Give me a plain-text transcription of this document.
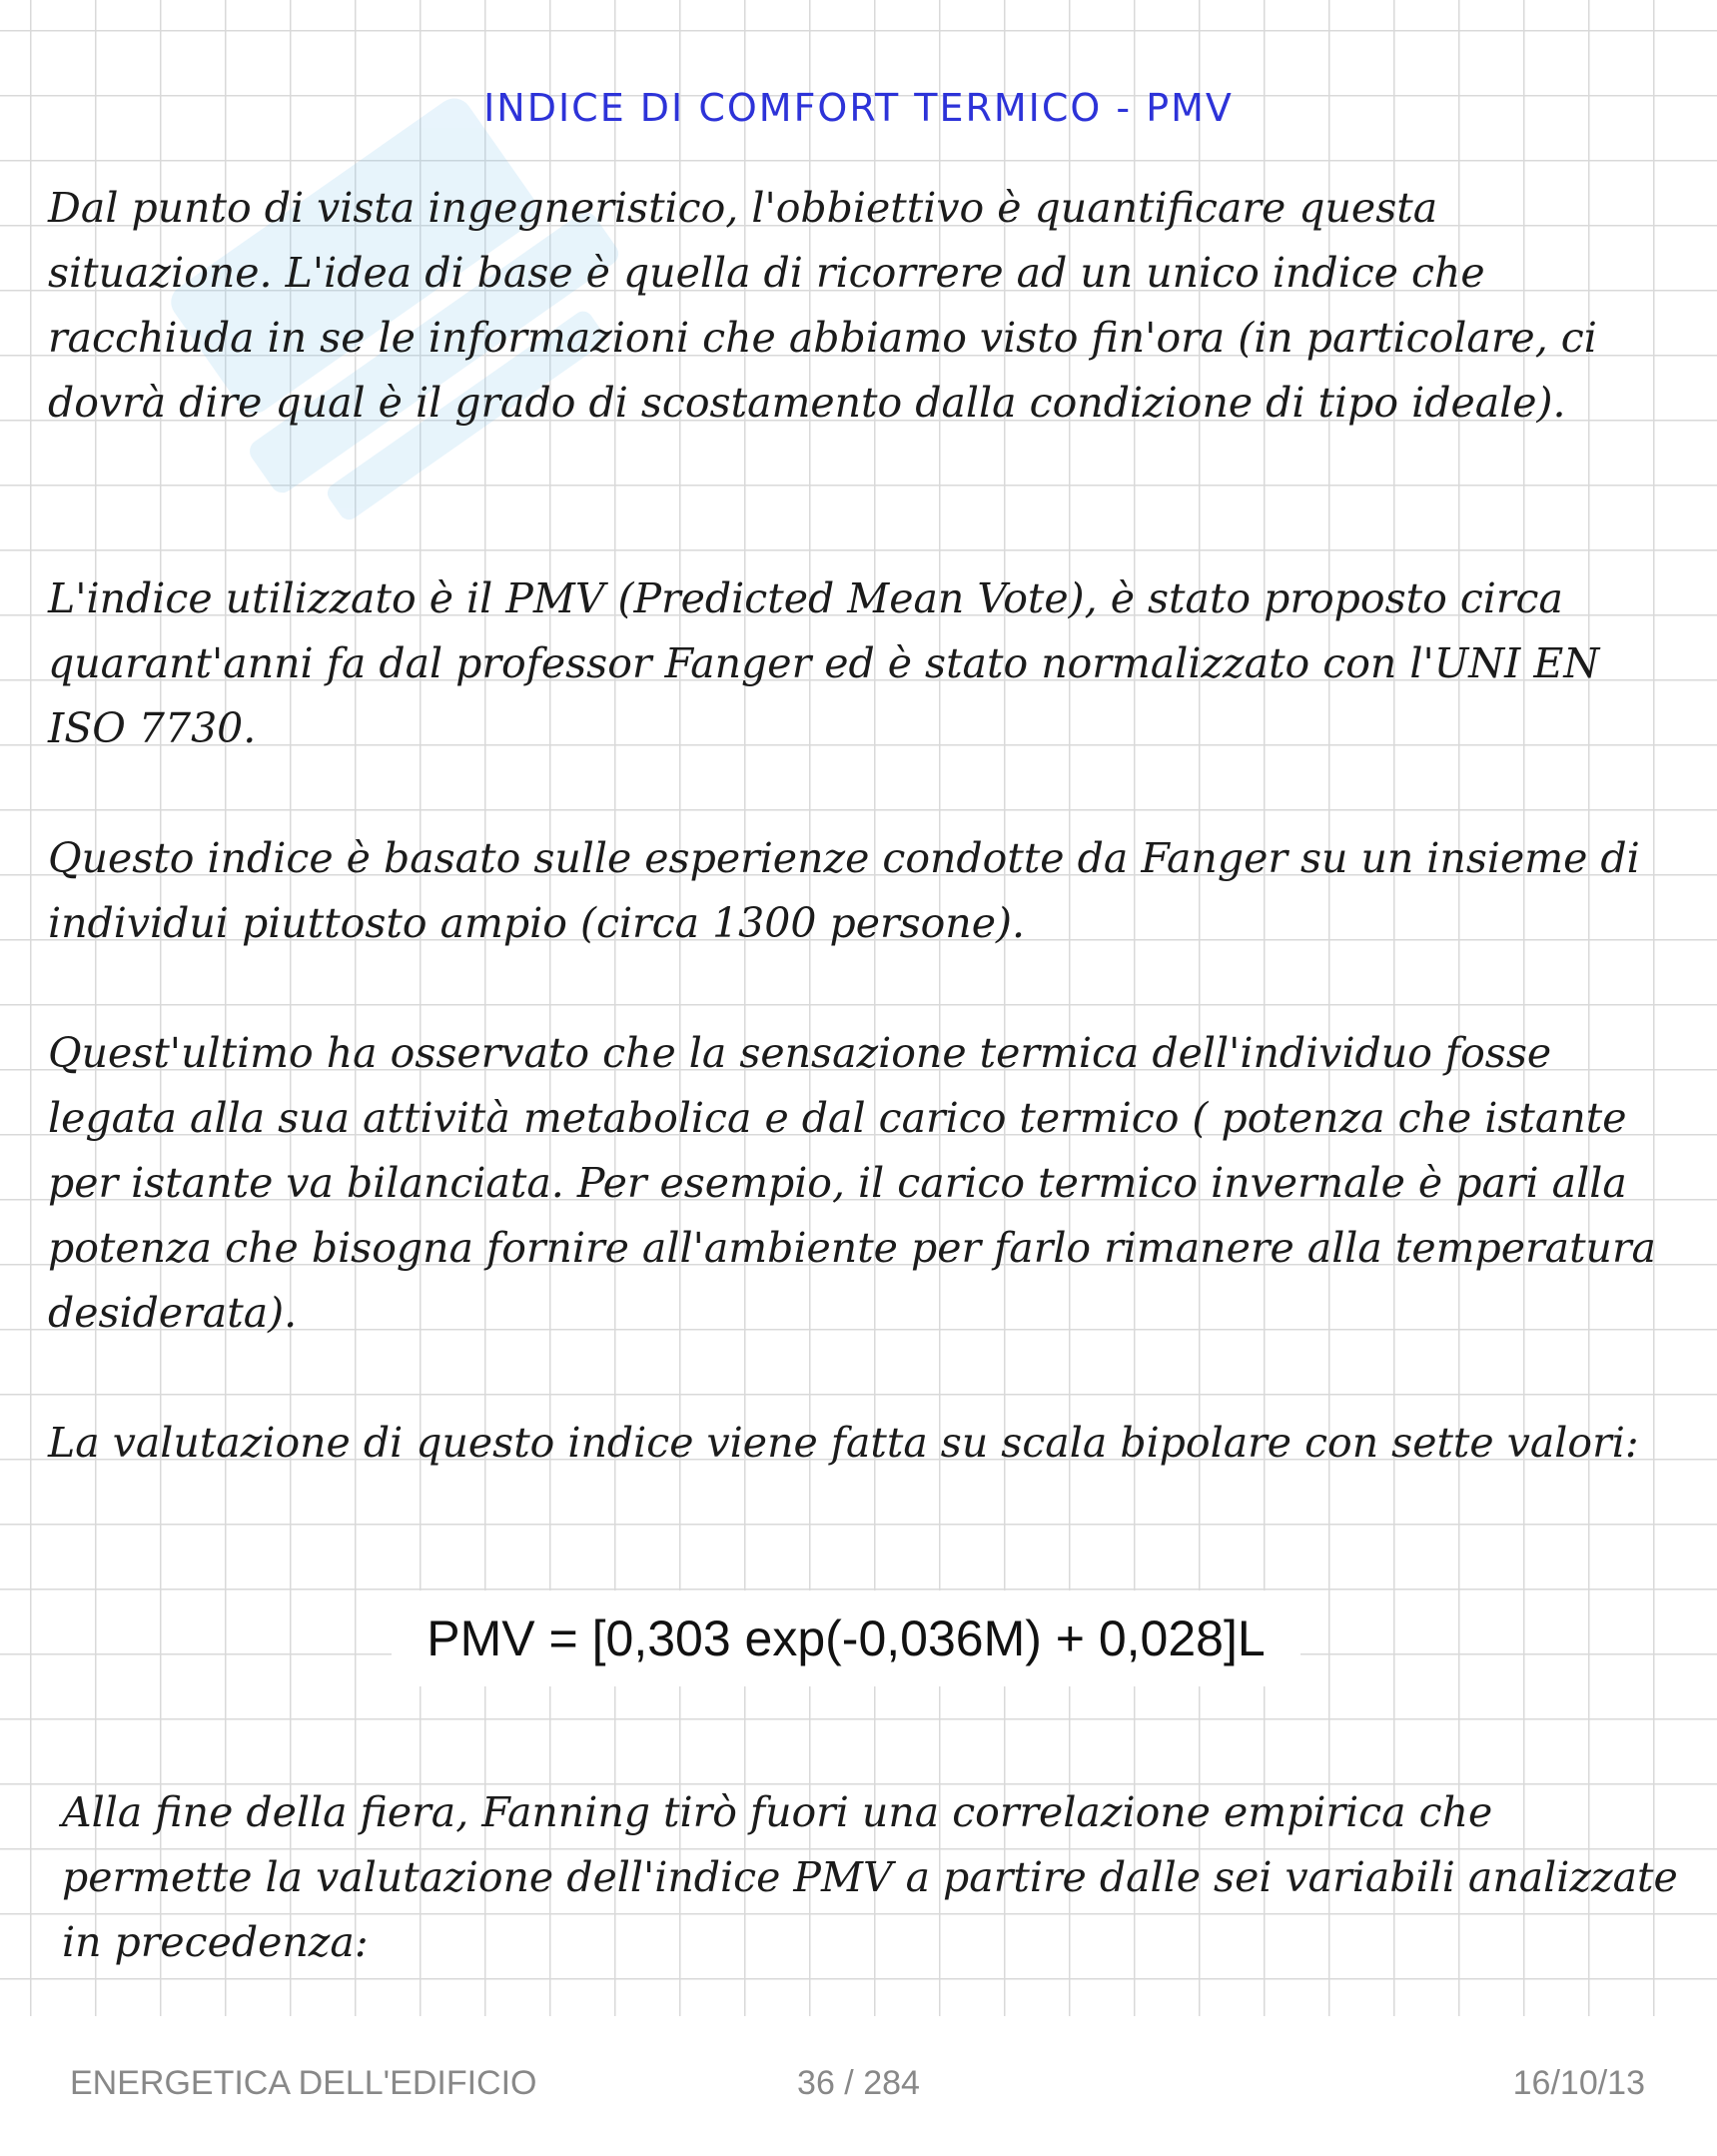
INDICE DI COMFORT TERMICO - PMV

Dal punto di vista ingegneristico, l'obbiettivo è quantificare questa situazione. L'idea di base è quella di ricorrere ad un unico indice che racchiuda in se le informazioni che abbiamo visto fin'ora (in particolare, ci dovrà dire qual è il grado di scostamento dalla condizione di tipo ideale).

L'indice utilizzato è il PMV (Predicted Mean Vote), è stato proposto circa quarant'anni fa dal professor Fanger ed è stato normalizzato con l'UNI EN ISO 7730.

Questo indice è basato sulle esperienze condotte da Fanger su un insieme di individui piuttosto ampio (circa 1300 persone).

Quest'ultimo ha osservato che la sensazione termica dell'individuo fosse legata alla sua attività metabolica e dal carico termico ( potenza che istante per istante va bilanciata. Per esempio, il carico termico invernale è pari alla potenza che bisogna fornire all'ambiente per farlo rimanere alla temperatura desiderata).

La valutazione di questo indice viene fatta su scala bipolare con sette valori:

PMV = [0,303 exp(-0,036M) + 0,028]L

Alla fine della fiera, Fanning tirò fuori una correlazione empirica che permette la valutazione dell'indice PMV a partire dalle sei variabili analizzate in precedenza:

ENERGETICA DELL'EDIFICIO	36 / 284	16/10/13
